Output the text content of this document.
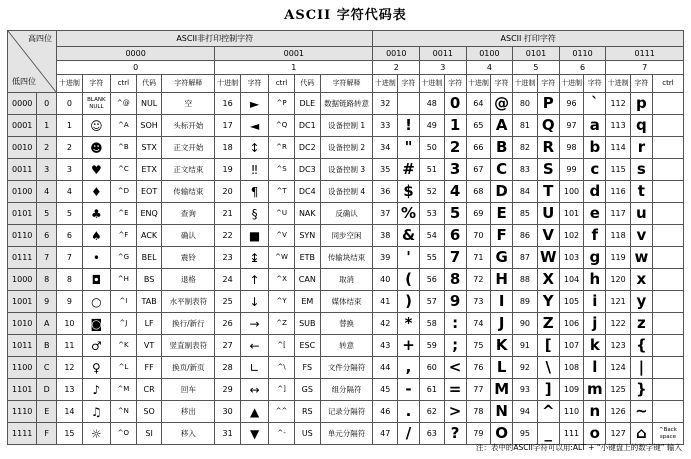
ASCII 字符代码表
高四位
低四位		ASCII非打印控制字符										ASCII 打印字符												
		0000					0001					0010		0011		0100		0101		0110		0111		
		0					1					2		3		4		5		6		7		
		十进制	字符	ctrl	代码	字符解释	十进制	字符	ctrl	代码	字符解释	十进制	字符	十进制	字符	十进制	字符	十进制	字符	十进制	字符	十进制	字符	ctrl
0000	0	0	BLANK NULL	^@	NUL	空	16	►	^P	DLE	数据链路转意	32		48	0	64	@	80	P	96	`	112	p	
0001	1	1	☺	^A	SOH	头标开始	17	◄	^Q	DC1	设备控制 1	33	!	49	1	65	A	81	Q	97	a	113	q	
0010	2	2	☻	^B	STX	正文开始	18	↕	^R	DC2	设备控制 2	34	"	50	2	66	B	82	R	98	b	114	r	
0011	3	3	♥	^C	ETX	正文结束	19	‼	^S	DC3	设备控制 3	35	#	51	3	67	C	83	S	99	c	115	s	
0100	4	4	♦	^D	EOT	传输结束	20	¶	^T	DC4	设备控制 4	36	$	52	4	68	D	84	T	100	d	116	t	
0101	5	5	♣	^E	ENQ	查询	21	§	^U	NAK	反确认	37	%	53	5	69	E	85	U	101	e	117	u	
0110	6	6	♠	^F	ACK	确认	22	■	^V	SYN	同步空闲	38	&	54	6	70	F	86	V	102	f	118	v	
0111	7	7	•	^G	BEL	震铃	23	↨	^W	ETB	传输块结束	39	'	55	7	71	G	87	W	103	g	119	w	
1000	8	8	◘	^H	BS	退格	24	↑	^X	CAN	取消	40	(	56	8	72	H	88	X	104	h	120	x	
1001	9	9	○	^I	TAB	水平制表符	25	↓	^Y	EM	媒体结束	41	)	57	9	73	I	89	Y	105	i	121	y	
1010	A	10	◙	^J	LF	换行/新行	26	→	^Z	SUB	替换	42	*	58	:	74	J	90	Z	106	j	122	z	
1011	B	11	♂	^K	VT	竖直制表符	27	←	^[	ESC	转意	43	+	59	;	75	K	91	[	107	k	123	{	
1100	C	12	♀	^L	FF	换页/新页	28	∟	^\	FS	文件分隔符	44	,	60	<	76	L	92	\	108	l	124	|	
1101	D	13	♪	^M	CR	回车	29	↔	^]	GS	组分隔符	45	-	61	=	77	M	93	]	109	m	125	}	
1110	E	14	♫	^N	SO	移出	30	▲	^^	RS	记录分隔符	46	.	62	>	78	N	94	^	110	n	126	~	
1111	F	15	☼	^O	SI	移入	31	▼	^-	US	单元分隔符	47	/	63	?	79	O	95	_	111	o	127	⌂	^Back space
注：表中的ASCII字符可以用:ALT + “小键盘上的数字键” 输入
